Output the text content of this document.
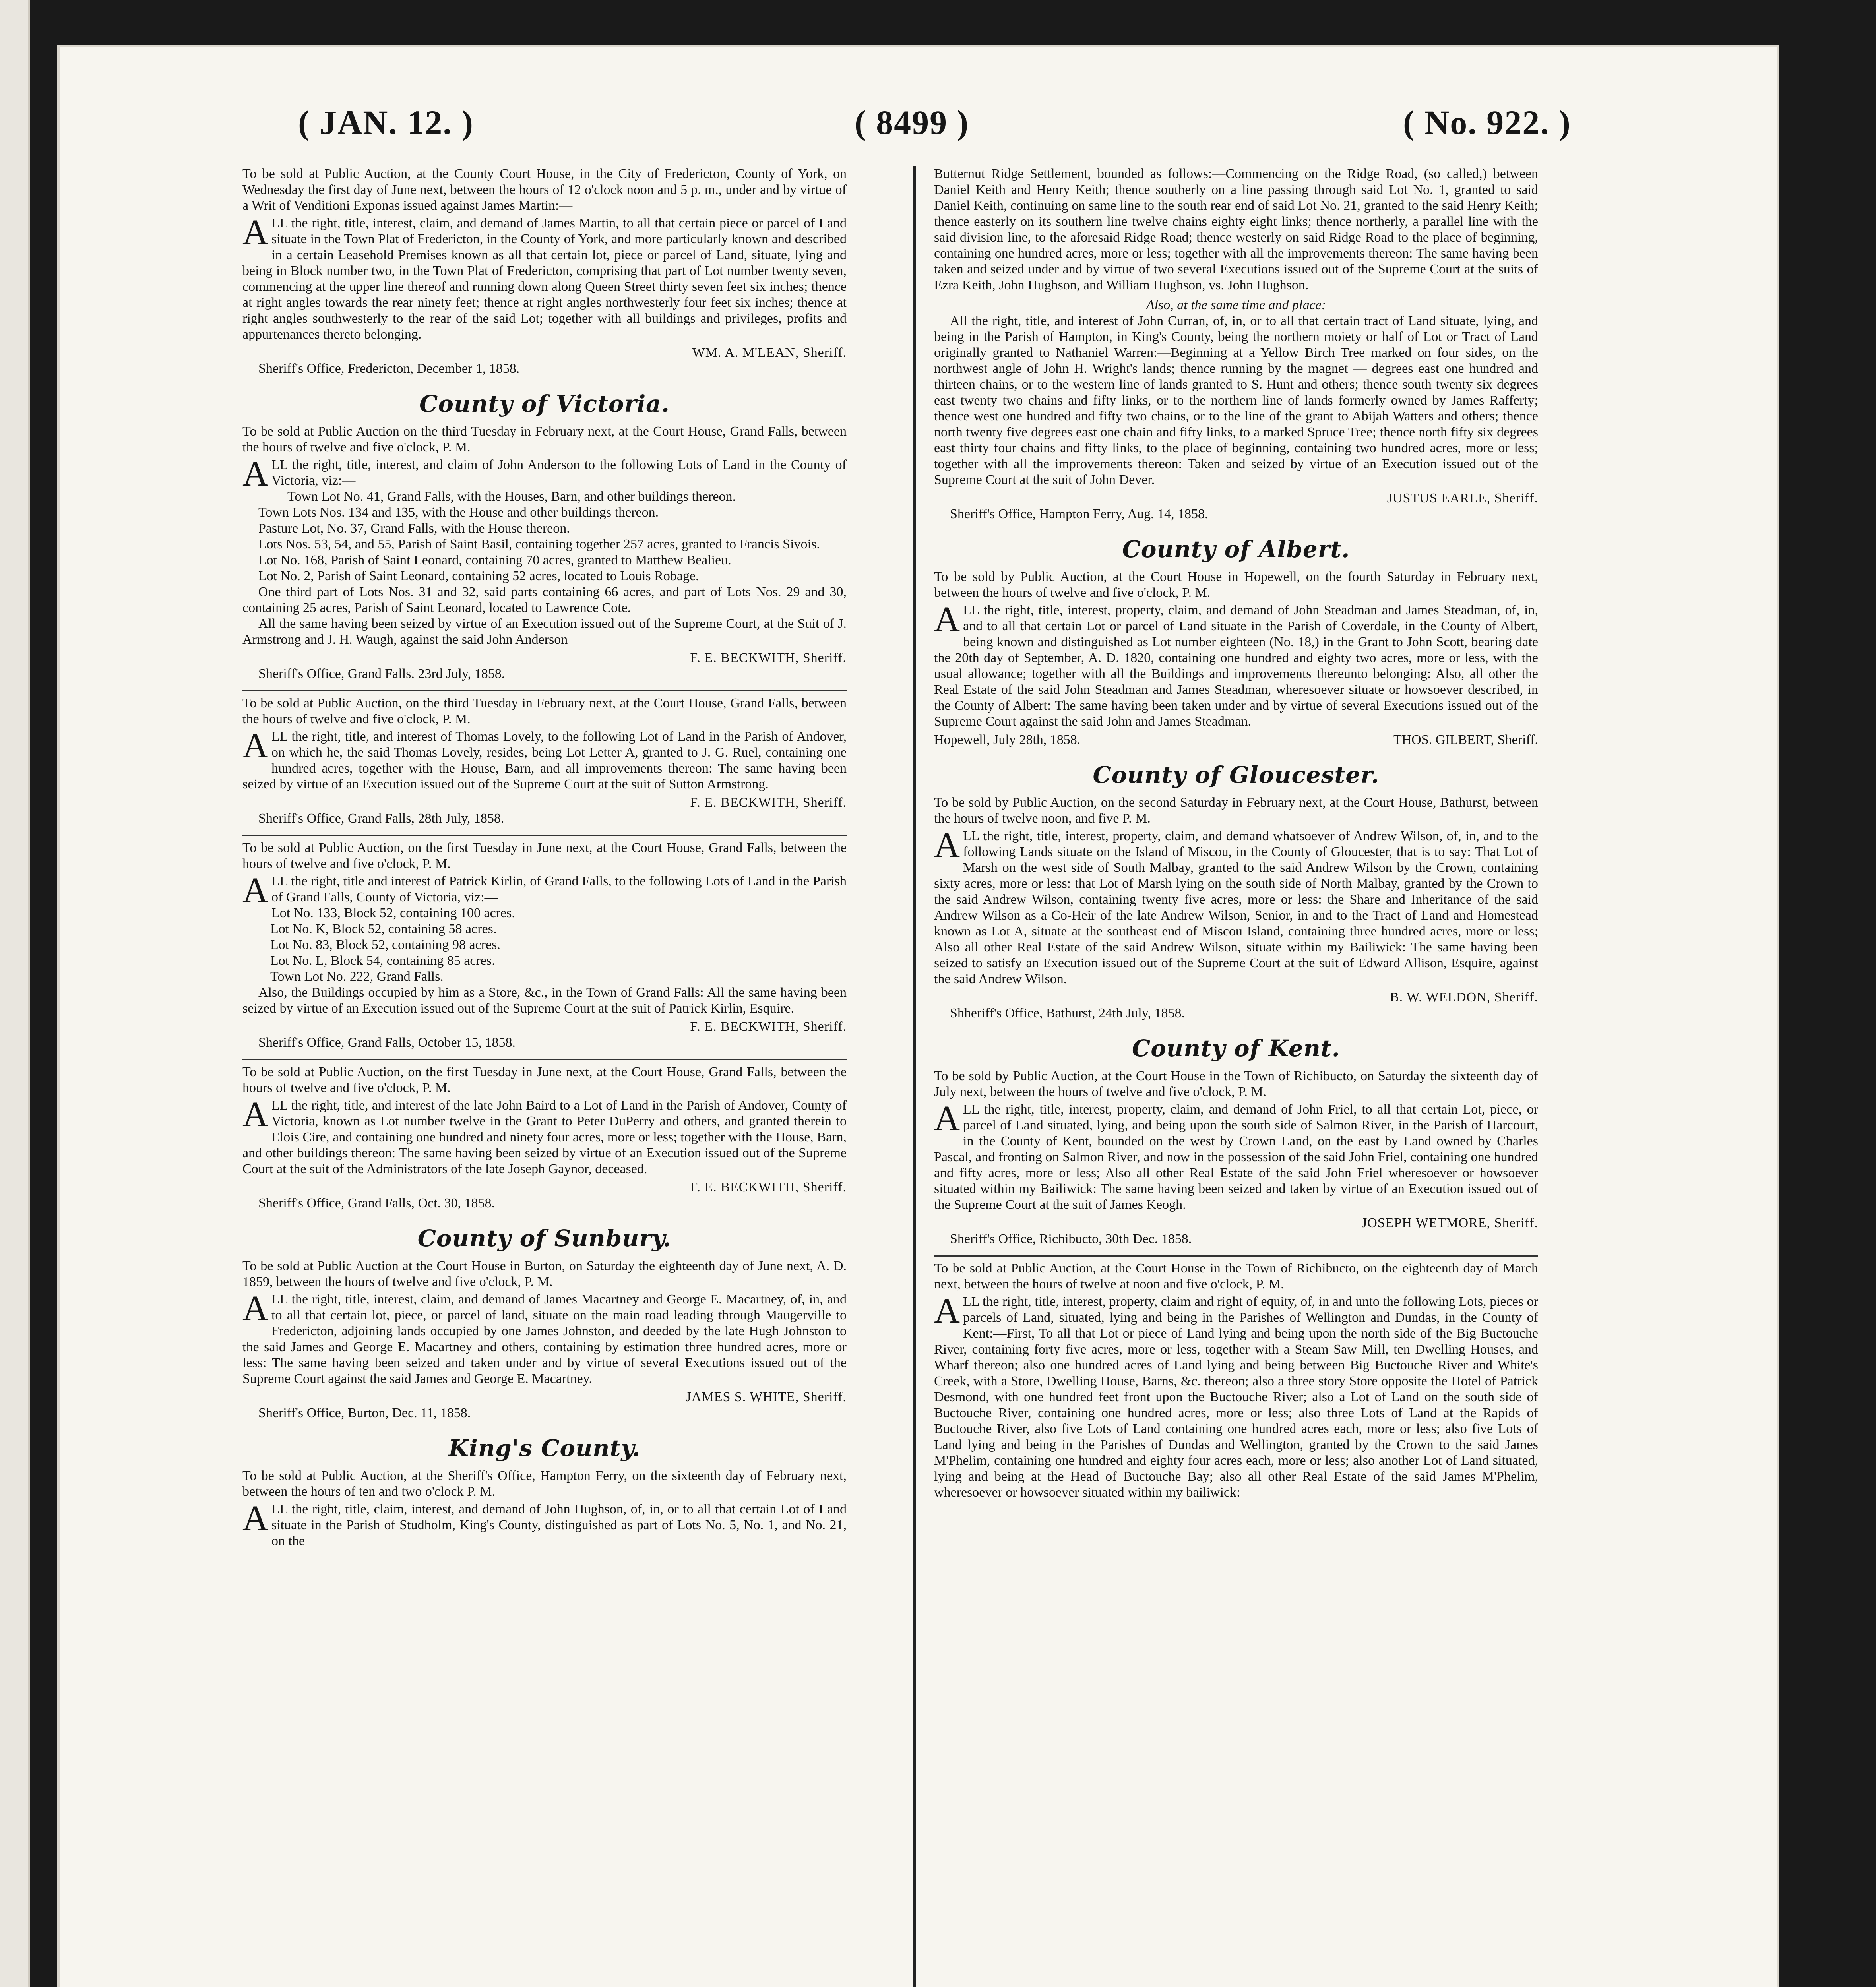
( JAN. 12. )	( 8499 )	( No. 922. )

To be sold at Public Auction, at the County Court House, in the City of Fredericton, County of York, on Wednesday the first day of June next, between the hours of 12 o'clock noon and 5 p. m., under and by virtue of a Writ of Venditioni Exponas issued against James Martin:—

ALL the right, title, interest, claim, and demand of James Martin, to all that certain piece or parcel of Land situate in the Town Plat of Fredericton, in the County of York, and more particularly known and described in a certain Leasehold Premises known as all that certain lot, piece or parcel of Land, situate, lying and being in Block number two, in the Town Plat of Fredericton, comprising that part of Lot number twenty seven, commencing at the upper line thereof and running down along Queen Street thirty seven feet six inches; thence at right angles towards the rear ninety feet; thence at right angles northwesterly four feet six inches; thence at right angles southwesterly to the rear of the said Lot; together with all buildings and privileges, profits and appurtenances thereto belonging.

WM. A. M'LEAN, Sheriff.

Sheriff's Office, Fredericton, December 1, 1858.

County of Victoria.

To be sold at Public Auction on the third Tuesday in February next, at the Court House, Grand Falls, between the hours of twelve and five o'clock, P. M.

ALL the right, title, interest, and claim of John Anderson to the following Lots of Land in the County of Victoria, viz:—

Town Lot No. 41, Grand Falls, with the Houses, Barn, and other buildings thereon.

Town Lots Nos. 134 and 135, with the House and other buildings thereon.

Pasture Lot, No. 37, Grand Falls, with the House thereon.

Lots Nos. 53, 54, and 55, Parish of Saint Basil, containing together 257 acres, granted to Francis Sivois.

Lot No. 168, Parish of Saint Leonard, containing 70 acres, granted to Matthew Bealieu.

Lot No. 2, Parish of Saint Leonard, containing 52 acres, located to Louis Robage.

One third part of Lots Nos. 31 and 32, said parts containing 66 acres, and part of Lots Nos. 29 and 30, containing 25 acres, Parish of Saint Leonard, located to Lawrence Cote.

All the same having been seized by virtue of an Execution issued out of the Supreme Court, at the Suit of J. Armstrong and J. H. Waugh, against the said John Anderson

F. E. BECKWITH, Sheriff.

Sheriff's Office, Grand Falls. 23rd July, 1858.

To be sold at Public Auction, on the third Tuesday in February next, at the Court House, Grand Falls, between the hours of twelve and five o'clock, P. M.

ALL the right, title, and interest of Thomas Lovely, to the following Lot of Land in the Parish of Andover, on which he, the said Thomas Lovely, resides, being Lot Letter A, granted to J. G. Ruel, containing one hundred acres, together with the House, Barn, and all improvements thereon: The same having been seized by virtue of an Execution issued out of the Supreme Court at the suit of Sutton Armstrong.

F. E. BECKWITH, Sheriff.

Sheriff's Office, Grand Falls, 28th July, 1858.

To be sold at Public Auction, on the first Tuesday in June next, at the Court House, Grand Falls, between the hours of twelve and five o'clock, P. M.

ALL the right, title and interest of Patrick Kirlin, of Grand Falls, to the following Lots of Land in the Parish of Grand Falls, County of Victoria, viz:—

Lot No. 133, Block 52, containing 100 acres.

Lot No. K, Block 52, containing 58 acres.

Lot No. 83, Block 52, containing 98 acres.

Lot No. L, Block 54, containing 85 acres.

Town Lot No. 222, Grand Falls.

Also, the Buildings occupied by him as a Store, &c., in the Town of Grand Falls: All the same having been seized by virtue of an Execution issued out of the Supreme Court at the suit of Patrick Kirlin, Esquire.

F. E. BECKWITH, Sheriff.

Sheriff's Office, Grand Falls, October 15, 1858.

To be sold at Public Auction, on the first Tuesday in June next, at the Court House, Grand Falls, between the hours of twelve and five o'clock, P. M.

ALL the right, title, and interest of the late John Baird to a Lot of Land in the Parish of Andover, County of Victoria, known as Lot number twelve in the Grant to Peter DuPerry and others, and granted therein to Elois Cire, and containing one hundred and ninety four acres, more or less; together with the House, Barn, and other buildings thereon: The same having been seized by virtue of an Execution issued out of the Supreme Court at the suit of the Administrators of the late Joseph Gaynor, deceased.

F. E. BECKWITH, Sheriff.

Sheriff's Office, Grand Falls, Oct. 30, 1858.

County of Sunbury.

To be sold at Public Auction at the Court House in Burton, on Saturday the eighteenth day of June next, A. D. 1859, between the hours of twelve and five o'clock, P. M.

ALL the right, title, interest, claim, and demand of James Macartney and George E. Macartney, of, in, and to all that certain lot, piece, or parcel of land, situate on the main road leading through Maugerville to Fredericton, adjoining lands occupied by one James Johnston, and deeded by the late Hugh Johnston to the said James and George E. Macartney and others, containing by estimation three hundred acres, more or less: The same having been seized and taken under and by virtue of several Executions issued out of the Supreme Court against the said James and George E. Macartney.

JAMES S. WHITE, Sheriff.

Sheriff's Office, Burton, Dec. 11, 1858.

King's County.

To be sold at Public Auction, at the Sheriff's Office, Hampton Ferry, on the sixteenth day of February next, between the hours of ten and two o'clock P. M.

ALL the right, title, claim, interest, and demand of John Hughson, of, in, or to all that certain Lot of Land situate in the Parish of Studholm, King's County, distinguished as part of Lots No. 5, No. 1, and No. 21, on the

Butternut Ridge Settlement, bounded as follows:—Commencing on the Ridge Road, (so called,) between Daniel Keith and Henry Keith; thence southerly on a line passing through said Lot No. 1, granted to said Daniel Keith, continuing on same line to the south rear end of said Lot No. 21, granted to the said Henry Keith; thence easterly on its southern line twelve chains eighty eight links; thence northerly, a parallel line with the said division line, to the aforesaid Ridge Road; thence westerly on said Ridge Road to the place of beginning, containing one hundred acres, more or less; together with all the improvements thereon: The same having been taken and seized under and by virtue of two several Executions issued out of the Supreme Court at the suits of Ezra Keith, John Hughson, and William Hughson, vs. John Hughson.

Also, at the same time and place:

All the right, title, and interest of John Curran, of, in, or to all that certain tract of Land situate, lying, and being in the Parish of Hampton, in King's County, being the northern moiety or half of Lot or Tract of Land originally granted to Nathaniel Warren:—Beginning at a Yellow Birch Tree marked on four sides, on the northwest angle of John H. Wright's lands; thence running by the magnet — degrees east one hundred and thirteen chains, or to the western line of lands granted to S. Hunt and others; thence south twenty six degrees east twenty two chains and fifty links, or to the northern line of lands formerly owned by James Rafferty; thence west one hundred and fifty two chains, or to the line of the grant to Abijah Watters and others; thence north twenty five degrees east one chain and fifty links, to a marked Spruce Tree; thence north fifty six degrees east thirty four chains and fifty links, to the place of beginning, containing two hundred acres, more or less; together with all the improvements thereon: Taken and seized by virtue of an Execution issued out of the Supreme Court at the suit of John Dever.

JUSTUS EARLE, Sheriff.

Sheriff's Office, Hampton Ferry, Aug. 14, 1858.

County of Albert.

To be sold by Public Auction, at the Court House in Hopewell, on the fourth Saturday in February next, between the hours of twelve and five o'clock, P. M.

ALL the right, title, interest, property, claim, and demand of John Steadman and James Steadman, of, in, and to all that certain Lot or parcel of Land situate in the Parish of Coverdale, in the County of Albert, being known and distinguished as Lot number eighteen (No. 18,) in the Grant to John Scott, bearing date the 20th day of September, A. D. 1820, containing one hundred and eighty two acres, more or less, with the usual allowance; together with all the Buildings and improvements thereunto belonging: Also, all other the Real Estate of the said John Steadman and James Steadman, wheresoever situate or howsoever described, in the County of Albert: The same having been taken under and by virtue of several Executions issued out of the Supreme Court against the said John and James Steadman.

Hopewell, July 28th, 1858.	THOS. GILBERT, Sheriff.
County of Gloucester.

To be sold by Public Auction, on the second Saturday in February next, at the Court House, Bathurst, between the hours of twelve noon, and five P. M.

ALL the right, title, interest, property, claim, and demand whatsoever of Andrew Wilson, of, in, and to the following Lands situate on the Island of Miscou, in the County of Gloucester, that is to say: That Lot of Marsh on the west side of South Malbay, granted to the said Andrew Wilson by the Crown, containing sixty acres, more or less: that Lot of Marsh lying on the south side of North Malbay, granted by the Crown to the said Andrew Wilson, containing twenty five acres, more or less: the Share and Inheritance of the said Andrew Wilson as a Co-Heir of the late Andrew Wilson, Senior, in and to the Tract of Land and Homestead known as Lot A, situate at the southeast end of Miscou Island, containing three hundred acres, more or less; Also all other Real Estate of the said Andrew Wilson, situate within my Bailiwick: The same having been seized to satisfy an Execution issued out of the Supreme Court at the suit of Edward Allison, Esquire, against the said Andrew Wilson.

B. W. WELDON, Sheriff.

Shheriff's Office, Bathurst, 24th July, 1858.

County of Kent.

To be sold by Public Auction, at the Court House in the Town of Richibucto, on Saturday the sixteenth day of July next, between the hours of twelve and five o'clock, P. M.

ALL the right, title, interest, property, claim, and demand of John Friel, to all that certain Lot, piece, or parcel of Land situated, lying, and being upon the south side of Salmon River, in the Parish of Harcourt, in the County of Kent, bounded on the west by Crown Land, on the east by Land owned by Charles Pascal, and fronting on Salmon River, and now in the possession of the said John Friel, containing one hundred and fifty acres, more or less; Also all other Real Estate of the said John Friel wheresoever or howsoever situated within my Bailiwick: The same having been seized and taken by virtue of an Execution issued out of the Supreme Court at the suit of James Keogh.

JOSEPH WETMORE, Sheriff.

Sheriff's Office, Richibucto, 30th Dec. 1858.

To be sold at Public Auction, at the Court House in the Town of Richibucto, on the eighteenth day of March next, between the hours of twelve at noon and five o'clock, P. M.

ALL the right, title, interest, property, claim and right of equity, of, in and unto the following Lots, pieces or parcels of Land, situated, lying and being in the Parishes of Wellington and Dundas, in the County of Kent:—First, To all that Lot or piece of Land lying and being upon the north side of the Big Buctouche River, containing forty five acres, more or less, together with a Steam Saw Mill, ten Dwelling Houses, and Wharf thereon; also one hundred acres of Land lying and being between Big Buctouche River and White's Creek, with a Store, Dwelling House, Barns, &c. thereon; also a three story Store opposite the Hotel of Patrick Desmond, with one hundred feet front upon the Buctouche River; also a Lot of Land on the south side of Buctouche River, containing one hundred acres, more or less; also three Lots of Land at the Rapids of Buctouche River, also five Lots of Land containing one hundred acres each, more or less; also five Lots of Land lying and being in the Parishes of Dundas and Wellington, granted by the Crown to the said James M'Phelim, containing one hundred and eighty four acres each, more or less; also another Lot of Land situated, lying and being at the Head of Buctouche Bay; also all other Real Estate of the said James M'Phelim, wheresoever or howsoever situated within my bailiwick:
